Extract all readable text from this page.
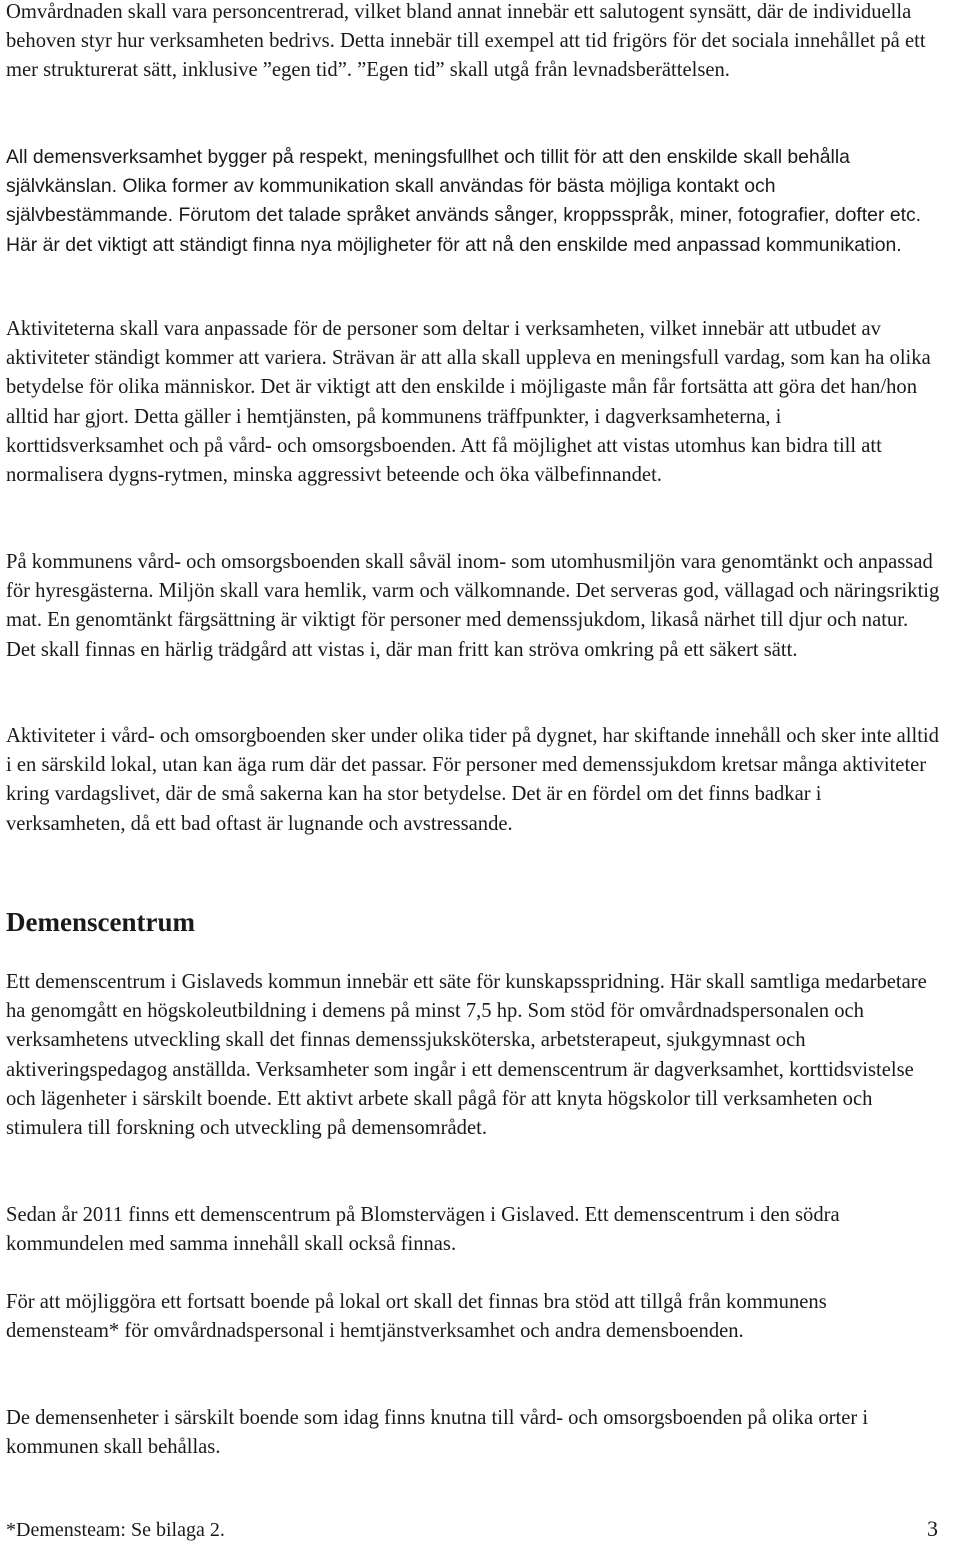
Omvårdnaden skall vara personcentrerad, vilket bland annat innebär ett salutogent synsätt, där de individuella behoven styr hur verksamheten bedrivs. Detta innebär till exempel att tid frigörs för det sociala innehållet på ett mer strukturerat sätt, inklusive ”egen tid”. ”Egen tid” skall utgå från levnadsberättelsen.

All demensverksamhet bygger på respekt, meningsfullhet och tillit för att den enskilde skall behålla självkänslan. Olika former av kommunikation skall användas för bästa möjliga kontakt och självbestämmande. Förutom det talade språket används sånger, kroppsspråk, miner, fotografier, dofter etc. Här är det viktigt att ständigt finna nya möjligheter för att nå den enskilde med anpassad kommunikation.

Aktiviteterna skall vara anpassade för de personer som deltar i verksamheten, vilket innebär att utbudet av aktiviteter ständigt kommer att variera. Strävan är att alla skall uppleva en meningsfull vardag, som kan ha olika betydelse för olika människor. Det är viktigt att den enskilde i möjligaste mån får fortsätta att göra det han/hon alltid har gjort. Detta gäller i hemtjänsten, på kommunens träffpunkter, i dagverksamheterna, i korttidsverksamhet och på vård- och omsorgsboenden. Att få möjlighet att vistas utomhus kan bidra till att normalisera dygns-rytmen, minska aggressivt beteende och öka välbefinnandet.

På kommunens vård- och omsorgsboenden skall såväl inom- som utomhusmiljön vara genomtänkt och anpassad för hyresgästerna. Miljön skall vara hemlik, varm och välkomnande. Det serveras god, vällagad och näringsriktig mat. En genomtänkt färgsättning är viktigt för personer med demenssjukdom, likaså närhet till djur och natur. Det skall finnas en härlig trädgård att vistas i, där man fritt kan ströva omkring på ett säkert sätt.

Aktiviteter i vård- och omsorgboenden sker under olika tider på dygnet, har skiftande innehåll och sker inte alltid i en särskild lokal, utan kan äga rum där det passar. För personer med demenssjukdom kretsar många aktiviteter kring vardagslivet, där de små sakerna kan ha stor betydelse. Det är en fördel om det finns badkar i verksamheten, då ett bad oftast är lugnande och avstressande.

Demenscentrum

Ett demenscentrum i Gislaveds kommun innebär ett säte för kunskapsspridning. Här skall samtliga medarbetare ha genomgått en högskoleutbildning i demens på minst 7,5 hp. Som stöd för omvårdnadspersonalen och verksamhetens utveckling skall det finnas demenssjuksköterska, arbetsterapeut, sjukgymnast och aktiveringspedagog anställda. Verksamheter som ingår i ett demenscentrum är dagverksamhet, korttidsvistelse och lägenheter i särskilt boende. Ett aktivt arbete skall pågå för att knyta högskolor till verksamheten och stimulera till forskning och utveckling på demensområdet.

Sedan år 2011 finns ett demenscentrum på Blomstervägen i Gislaved. Ett demenscentrum i den södra kommundelen med samma innehåll skall också finnas.

För att möjliggöra ett fortsatt boende på lokal ort skall det finnas bra stöd att tillgå från kommunens demensteam* för omvårdnadspersonal i hemtjänstverksamhet och andra demensboenden.

De demensenheter i särskilt boende som idag finns knutna till vård- och omsorgsboenden på olika orter i kommunen skall behållas.

*Demensteam: Se bilaga 2.	3
